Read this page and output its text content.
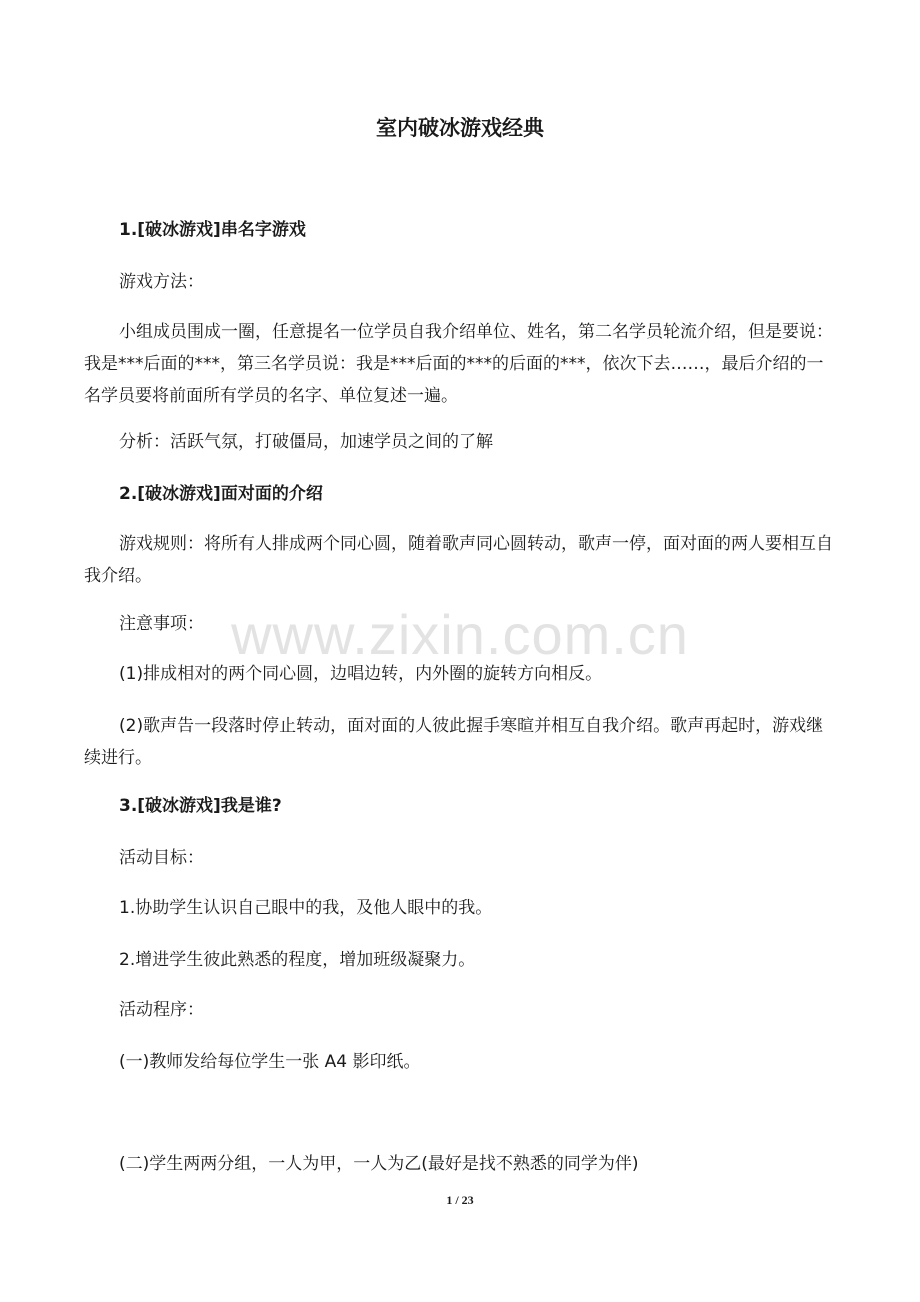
室内破冰游戏经典

1.[破冰游戏]串名字游戏

游戏方法：

小组成员围成一圈，任意提名一位学员自我介绍单位、姓名，第二名学员轮流介绍，但是要说：我是***后面的***，第三名学员说：我是***后面的***的后面的***，依次下去……，最后介绍的一名学员要将前面所有学员的名字、单位复述一遍。

分析：活跃气氛，打破僵局，加速学员之间的了解

2.[破冰游戏]面对面的介绍

游戏规则：将所有人排成两个同心圆，随着歌声同心圆转动，歌声一停，面对面的两人要相互自我介绍。

注意事项：

(1)排成相对的两个同心圆，边唱边转，内外圈的旋转方向相反。

(2)歌声告一段落时停止转动，面对面的人彼此握手寒暄并相互自我介绍。歌声再起时，游戏继续进行。

3.[破冰游戏]我是谁?

活动目标：

1.协助学生认识自己眼中的我，及他人眼中的我。

2.增进学生彼此熟悉的程度，增加班级凝聚力。

活动程序：

(一)教师发给每位学生一张 A4 影印纸。

(二)学生两两分组，一人为甲，一人为乙(最好是找不熟悉的同学为伴)

www.zixin.com.cn
1 / 23
